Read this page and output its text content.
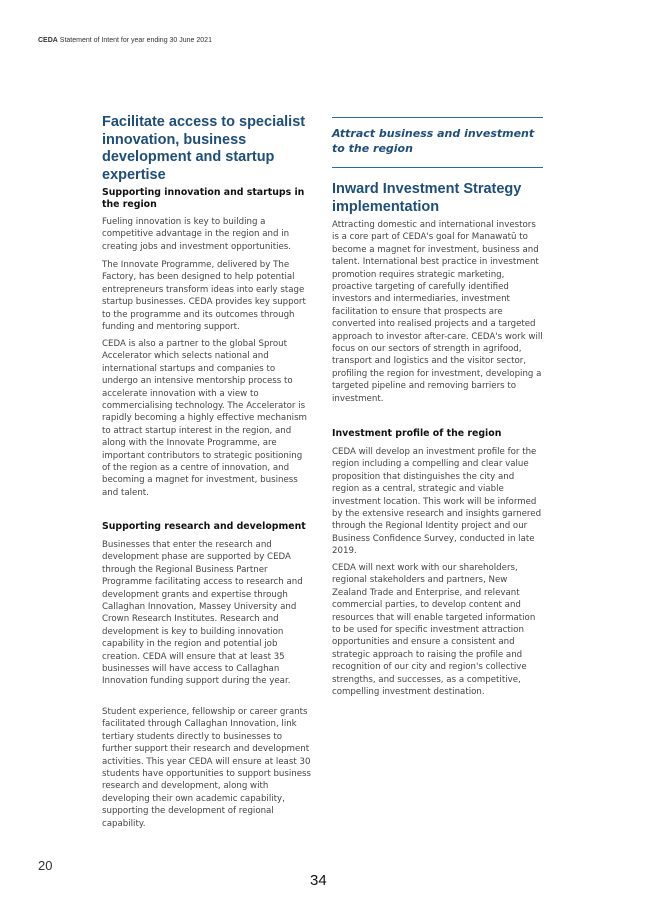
CEDA Statement of Intent for year ending 30 June 2021
Facilitate access to specialist innovation, business development and startup expertise
Supporting innovation and startups in the region

Fueling innovation is key to building a competitive advantage in the region and in creating jobs and investment opportunities.

The Innovate Programme, delivered by The Factory, has been designed to help potential entrepreneurs transform ideas into early stage startup businesses. CEDA provides key support to the programme and its outcomes through funding and mentoring support.

CEDA is also a partner to the global Sprout Accelerator which selects national and international startups and companies to undergo an intensive mentorship process to accelerate innovation with a view to commercialising technology. The Accelerator is rapidly becoming a highly effective mechanism to attract startup interest in the region, and along with the Innovate Programme, are important contributors to strategic positioning of the region as a centre of innovation, and becoming a magnet for investment, business and talent.

Supporting research and development

Businesses that enter the research and development phase are supported by CEDA through the Regional Business Partner Programme facilitating access to research and development grants and expertise through Callaghan Innovation, Massey University and Crown Research Institutes. Research and development is key to building innovation capability in the region and potential job creation. CEDA will ensure that at least 35 businesses will have access to Callaghan Innovation funding support during the year.

Student experience, fellowship or career grants facilitated through Callaghan Innovation, link tertiary students directly to businesses to further support their research and development activities. This year CEDA will ensure at least 30 students have opportunities to support business research and development, along with developing their own academic capability, supporting the development of regional capability.

Attract business and investment to the region

Inward Investment Strategy implementation

Attracting domestic and international investors is a core part of CEDA's goal for Manawatū to become a magnet for investment, business and talent. International best practice in investment promotion requires strategic marketing, proactive targeting of carefully identified investors and intermediaries, investment facilitation to ensure that prospects are converted into realised projects and a targeted approach to investor after-care. CEDA's work will focus on our sectors of strength in agrifood, transport and logistics and the visitor sector, profiling the region for investment, developing a targeted pipeline and removing barriers to investment.

Investment profile of the region

CEDA will develop an investment profile for the region including a compelling and clear value proposition that distinguishes the city and region as a central, strategic and viable investment location. This work will be informed by the extensive research and insights garnered through the Regional Identity project and our Business Confidence Survey, conducted in late 2019.

CEDA will next work with our shareholders, regional stakeholders and partners, New Zealand Trade and Enterprise, and relevant commercial parties, to develop content and resources that will enable targeted information to be used for specific investment attraction opportunities and ensure a consistent and strategic approach to raising the profile and recognition of our city and region's collective strengths, and successes, as a competitive, compelling investment destination.

20
34
